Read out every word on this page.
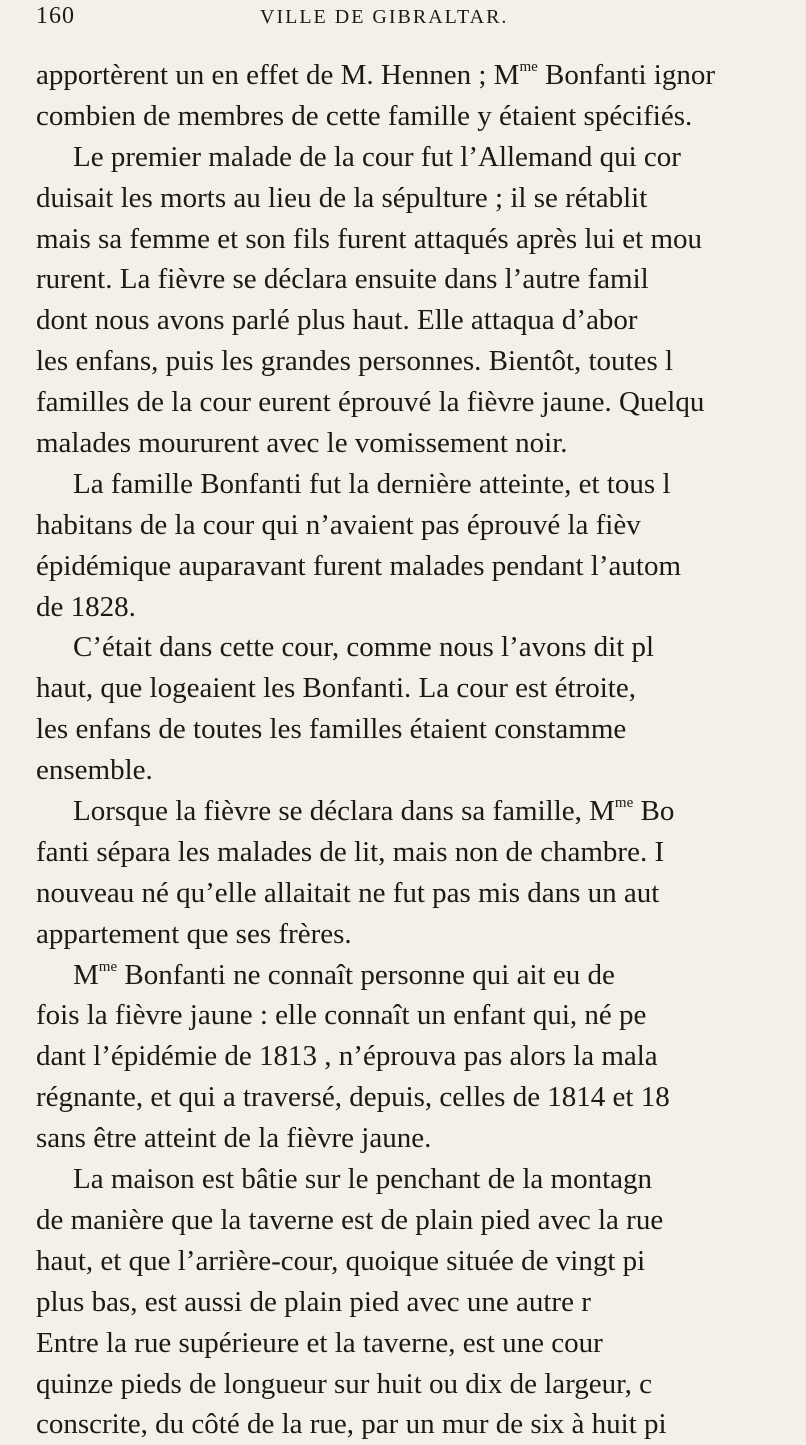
160	VILLE DE GIBRALTAR.
apportèrent un en effet de M. Hennen ; $M^{me}$ Bonfanti ignor
combien de membres de cette famille y étaient spécifiés.
Le premier malade de la cour fut l’Allemand qui cor
duisait les morts au lieu de la sépulture ; il se rétablit
mais sa femme et son fils furent attaqués après lui et mou
rurent. La fièvre se déclara ensuite dans l’autre famil
dont nous avons parlé plus haut. Elle attaqua d’abor
les enfans, puis les grandes personnes. Bientôt, toutes l
familles de la cour eurent éprouvé la fièvre jaune. Quelqu
malades moururent avec le vomissement noir.
La famille Bonfanti fut la dernière atteinte, et tous l
habitans de la cour qui n’avaient pas éprouvé la fièv
épidémique auparavant furent malades pendant l’autom
de 1828.
C’était dans cette cour, comme nous l’avons dit pl
haut, que logeaient les Bonfanti. La cour est étroite,
les enfans de toutes les familles étaient constamme
ensemble.
Lorsque la fièvre se déclara dans sa famille, $M^{me}$ Bo
fanti sépara les malades de lit, mais non de chambre. I
nouveau né qu’elle allaitait ne fut pas mis dans un aut
appartement que ses frères.
$M^{me}$ Bonfanti ne connaît personne qui ait eu de
fois la fièvre jaune : elle connaît un enfant qui, né pe
dant l’épidémie de 1813 , n’éprouva pas alors la mala
régnante, et qui a traversé, depuis, celles de 1814 et 18
sans être atteint de la fièvre jaune.
La maison est bâtie sur le penchant de la montagn
de manière que la taverne est de plain pied avec la rue
haut, et que l’arrière-cour, quoique située de vingt pi
plus bas, est aussi de plain pied avec une autre r
Entre la rue supérieure et la taverne, est une cour
quinze pieds de longueur sur huit ou dix de largeur, c
conscrite, du côté de la rue, par un mur de six à huit pi
